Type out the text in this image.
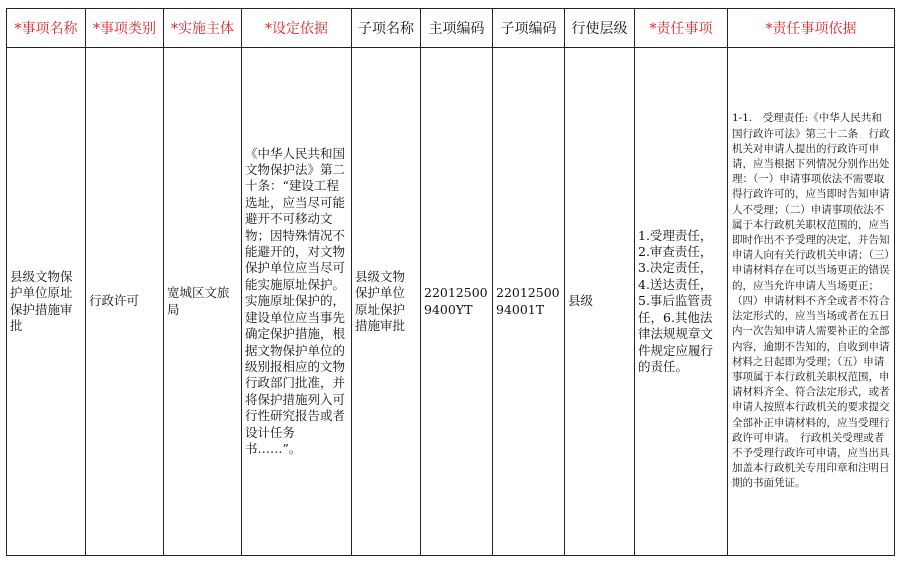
*事项名称	*事项类别	*实施主体	*设定依据	子项名称	主项编码	子项编码	行使层级	*责任事项	*责任事项依据
县级文物保护单位原址保护措施审批	行政许可	宽城区文旅局	《中华人民共和国文物保护法》第二十条：“建设工程选址，应当尽可能避开不可移动文物；因特殊情况不能避开的，对文物保护单位应当尽可能实施原址保护。实施原址保护的，建设单位应当事先确定保护措施，根据文物保护单位的级别报相应的文物行政部门批准，并将保护措施列入可行性研究报告或者设计任务书……”。	县级文物保护单位原址保护措施审批	220125009400YT	2201250094001T	县级	1.受理责任，2.审查责任，3.决定责任，4.送达责任，5.事后监管责任，6.其他法律法规规章文件规定应履行的责任。	1-1.　受理责任:《中华人民共和国行政许可法》第三十二条　行政机关对申请人提出的行政许可申请，应当根据下列情况分别作出处理：（一）申请事项依法不需要取得行政许可的，应当即时告知申请人不受理；（二）申请事项依法不属于本行政机关职权范围的，应当即时作出不予受理的决定，并告知申请人向有关行政机关申请；（三）申请材料存在可以当场更正的错误的，应当允许申请人当场更正；（四）申请材料不齐全或者不符合法定形式的，应当当场或者在五日内一次告知申请人需要补正的全部内容，逾期不告知的，自收到申请材料之日起即为受理；（五）申请事项属于本行政机关职权范围，申请材料齐全、符合法定形式，或者申请人按照本行政机关的要求提交全部补正申请材料的，应当受理行政许可申请。　行政机关受理或者不予受理行政许可申请，应当出具加盖本行政机关专用印章和注明日期的书面凭证。
